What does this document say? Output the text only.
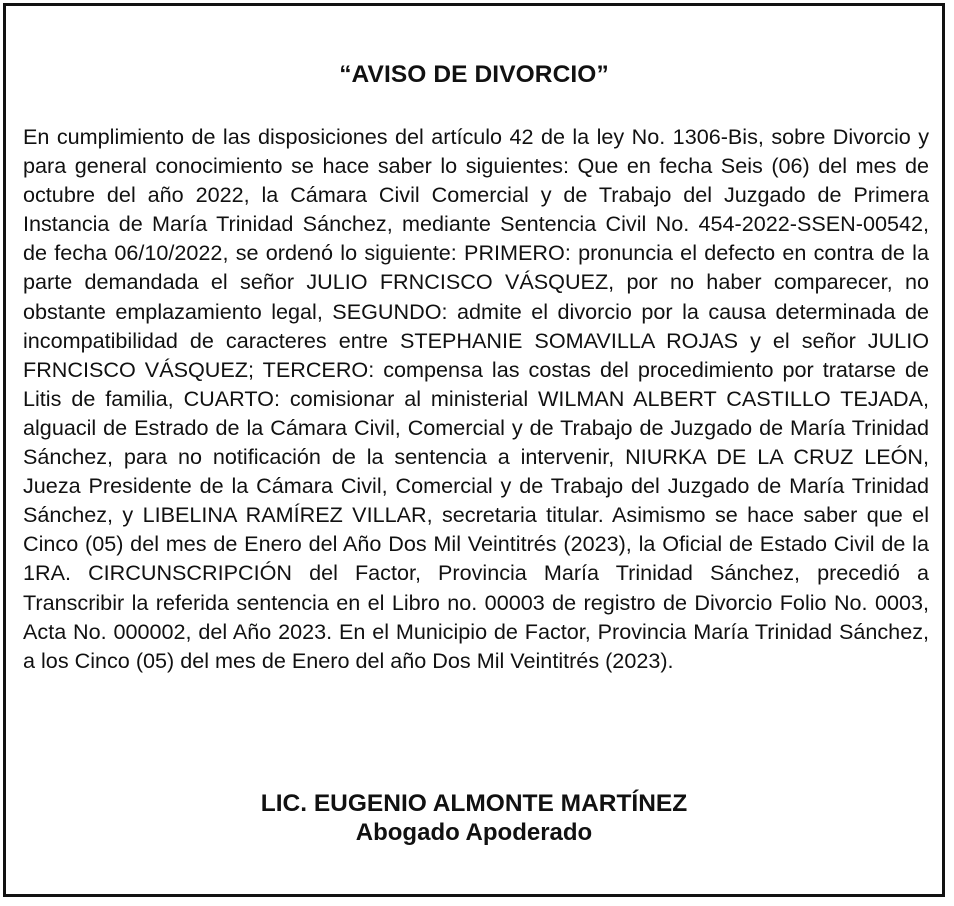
“AVISO DE DIVORCIO”

En cumplimiento de las disposiciones del artículo 42 de la ley No. 1306-Bis, sobre Divorcio y para general conocimiento se hace saber lo siguientes: Que en fecha Seis (06) del mes de octubre del año 2022, la Cámara Civil Comercial y de Trabajo del Juzgado de Primera Instancia de María Trinidad Sánchez, mediante Sentencia Civil No. 454-2022-SSEN-00542, de fecha 06/10/2022, se ordenó lo siguiente: PRIMERO: pronuncia el defecto en contra de la parte demandada el señor JULIO FRNCISCO VÁSQUEZ, por no haber comparecer, no obstante emplazamiento legal, SEGUNDO: admite el divorcio por la causa determinada de incompatibilidad de caracteres entre STEPHANIE SOMAVILLA ROJAS y el señor JULIO FRNCISCO VÁSQUEZ; TERCERO: compensa las costas del procedimiento por tratarse de Litis de familia, CUARTO: comisionar al ministerial WILMAN ALBERT CASTILLO TEJADA, alguacil de Estrado de la Cámara Civil, Comercial y de Trabajo de Juzgado de María Trinidad Sánchez, para no notificación de la sentencia a intervenir, NIURKA DE LA CRUZ LEÓN, Jueza Presidente de la Cámara Civil, Comercial y de Trabajo del Juzgado de María Trinidad Sánchez, y LIBELINA RAMÍREZ VILLAR, secretaria titular. Asimismo se hace saber que el Cinco (05) del mes de Enero del Año Dos Mil Veintitrés (2023), la Oficial de Estado Civil de la 1RA. CIRCUNSCRIPCIÓN del Factor, Provincia María Trinidad Sánchez, precedió a Transcribir la referida sentencia en el Libro no. 00003 de registro de Divorcio Folio No. 0003, Acta No. 000002, del Año 2023. En el Municipio de Factor, Provincia María Trinidad Sánchez, a los Cinco (05) del mes de Enero del año Dos Mil Veintitrés (2023).

LIC. EUGENIO ALMONTE MARTÍNEZ

Abogado Apoderado
